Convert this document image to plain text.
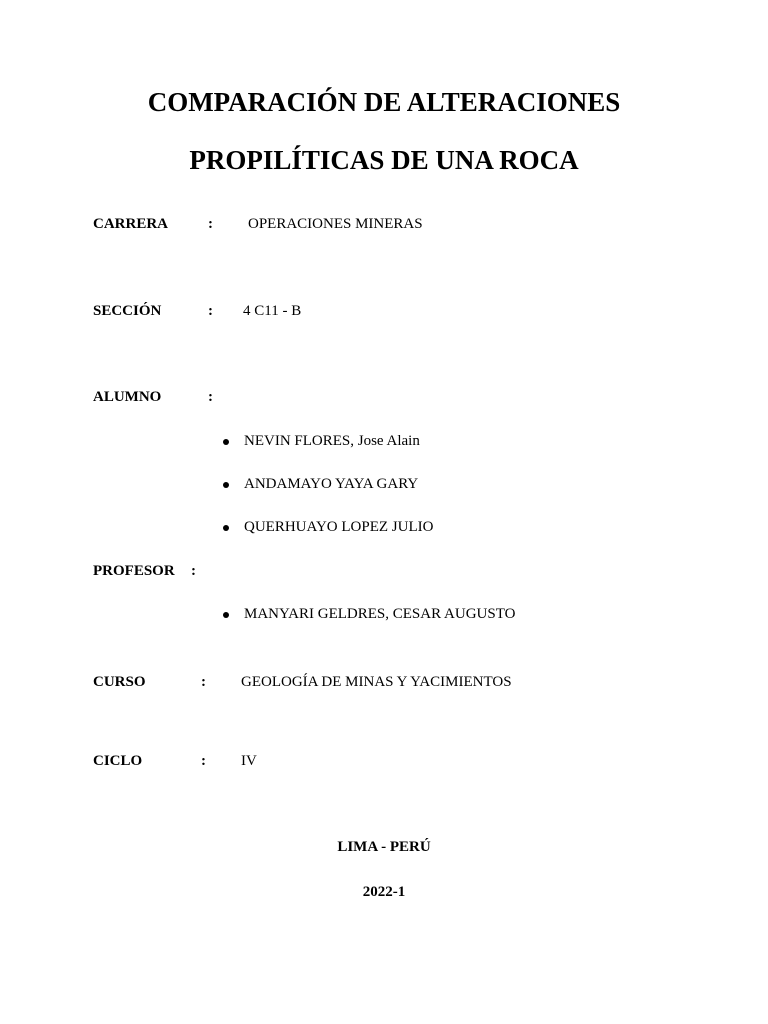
COMPARACIÓN DE ALTERACIONES
PROPILÍTICAS DE UNA ROCA
CARRERA	: OPERACIONES MINERAS
SECCIÓN	: 4 C11 - B
ALUMNO	:
NEVIN FLORES, Jose Alain
ANDAMAYO YAYA GARY
QUERHUAYO LOPEZ JULIO
PROFESOR :
MANYARI GELDRES, CESAR AUGUSTO
CURSO	: GEOLOGÍA DE MINAS Y YACIMIENTOS
CICLO	: IV
LIMA - PERÚ
2022-1
